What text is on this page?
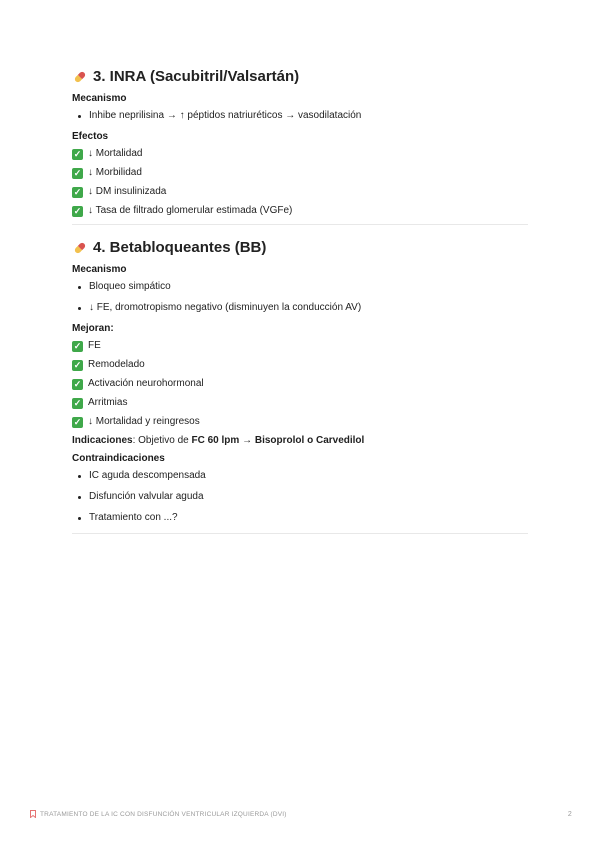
3. INRA (Sacubitril/Valsartán)
Mecanismo
Inhibe neprilisina → ↑ péptidos natriuréticos → vasodilatación
Efectos
✓ ↓ Mortalidad
✓ ↓ Morbilidad
✓ ↓ DM insulinizada
✓ ↓ Tasa de filtrado glomerular estimada (VGFe)
4. Betabloqueantes (BB)
Mecanismo
Bloqueo simpático
↓ FE, dromotropismo negativo (disminuyen la conducción AV)
Mejoran:
✓ FE
✓ Remodelado
✓ Activación neurohormonal
✓ Arritmias
✓ ↓ Mortalidad y reingresos
Indicaciones: Objetivo de FC 60 lpm → Bisoprolol o Carvedilol
Contraindicaciones
IC aguda descompensada
Disfunción valvular aguda
Tratamiento con ...?
TRATAMIENTO DE LA IC CON DISFUNCIÓN VENTRICULAR IZQUIERDA (DVI)	2
